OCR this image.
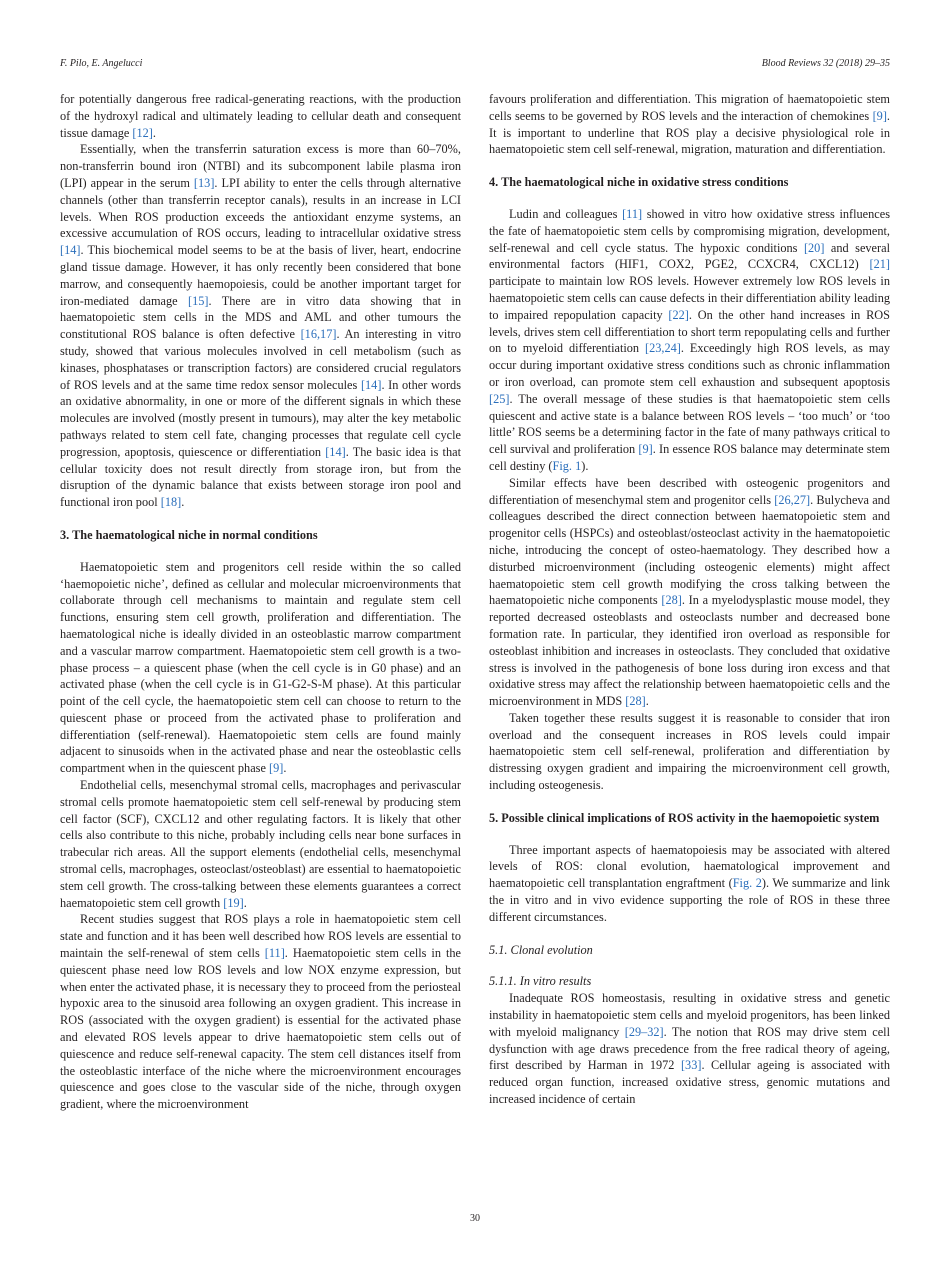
F. Pilo, E. Angelucci	Blood Reviews 32 (2018) 29–35

for potentially dangerous free radical-generating reactions, with the production of the hydroxyl radical and ultimately leading to cellular death and consequent tissue damage [12].

Essentially, when the transferrin saturation excess is more than 60–70%, non-transferrin bound iron (NTBI) and its subcomponent labile plasma iron (LPI) appear in the serum [13]. LPI ability to enter the cells through alternative channels (other than transferrin receptor canals), results in an increase in LCI levels. When ROS production exceeds the antioxidant enzyme systems, an excessive accumulation of ROS occurs, leading to intracellular oxidative stress [14]. This biochemical model seems to be at the basis of liver, heart, endocrine gland tissue damage. However, it has only recently been considered that bone marrow, and consequently haemopoiesis, could be another important target for iron-mediated damage [15]. There are in vitro data showing that in haematopoietic stem cells in the MDS and AML and other tumours the constitutional ROS balance is often defective [16,17]. An interesting in vitro study, showed that various molecules involved in cell metabolism (such as kinases, phosphatases or transcription factors) are considered crucial regulators of ROS levels and at the same time redox sensor molecules [14]. In other words an oxidative abnormality, in one or more of the different signals in which these molecules are involved (mostly present in tumours), may alter the key metabolic pathways related to stem cell fate, changing processes that regulate cell cycle progression, apoptosis, quiescence or differentiation [14]. The basic idea is that cellular toxicity does not result directly from storage iron, but from the disruption of the dynamic balance that exists between storage iron pool and functional iron pool [18].

3. The haematological niche in normal conditions

Haematopoietic stem and progenitors cell reside within the so called ‘haemopoietic niche’, defined as cellular and molecular microenvironments that collaborate through cell mechanisms to maintain and regulate stem cell functions, ensuring stem cell growth, proliferation and differentiation. The haematological niche is ideally divided in an osteoblastic marrow compartment and a vascular marrow compartment. Haematopoietic stem cell growth is a two-phase process – a quiescent phase (when the cell cycle is in G0 phase) and an activated phase (when the cell cycle is in G1-G2-S-M phase). At this particular point of the cell cycle, the haematopoietic stem cell can choose to return to the quiescent phase or proceed from the activated phase to proliferation and differentiation (self-renewal). Haematopoietic stem cells are found mainly adjacent to sinusoids when in the activated phase and near the osteoblastic cells compartment when in the quiescent phase [9].

Endothelial cells, mesenchymal stromal cells, macrophages and perivascular stromal cells promote haematopoietic stem cell self-renewal by producing stem cell factor (SCF), CXCL12 and other regulating factors. It is likely that other cells also contribute to this niche, probably including cells near bone surfaces in trabecular rich areas. All the support elements (endothelial cells, mesenchymal stromal cells, macrophages, osteoclast/osteoblast) are essential to haematopoietic stem cell growth. The cross-talking between these elements guarantees a correct haematopoietic stem cell growth [19].

Recent studies suggest that ROS plays a role in haematopoietic stem cell state and function and it has been well described how ROS levels are essential to maintain the self-renewal of stem cells [11]. Haematopoietic stem cells in the quiescent phase need low ROS levels and low NOX enzyme expression, but when enter the activated phase, it is necessary they to proceed from the periosteal hypoxic area to the sinusoid area following an oxygen gradient. This increase in ROS (associated with the oxygen gradient) is essential for the activated phase and elevated ROS levels appear to drive haematopoietic stem cells out of quiescence and reduce self-renewal capacity. The stem cell distances itself from the osteoblastic interface of the niche where the microenvironment encourages quiescence and goes close to the vascular side of the niche, through oxygen gradient, where the microenvironment

favours proliferation and differentiation. This migration of haematopoietic stem cells seems to be governed by ROS levels and the interaction of chemokines [9]. It is important to underline that ROS play a decisive physiological role in haematopoietic stem cell self-renewal, migration, maturation and differentiation.

4. The haematological niche in oxidative stress conditions

Ludin and colleagues [11] showed in vitro how oxidative stress influences the fate of haematopoietic stem cells by compromising migration, development, self-renewal and cell cycle status. The hypoxic conditions [20] and several environmental factors (HIF1, COX2, PGE2, CCXCR4, CXCL12) [21] participate to maintain low ROS levels. However extremely low ROS levels in haematopoietic stem cells can cause defects in their differentiation ability leading to impaired repopulation capacity [22]. On the other hand increases in ROS levels, drives stem cell differentiation to short term repopulating cells and further on to myeloid differentiation [23,24]. Exceedingly high ROS levels, as may occur during important oxidative stress conditions such as chronic inflammation or iron overload, can promote stem cell exhaustion and subsequent apoptosis [25]. The overall message of these studies is that haematopoietic stem cells quiescent and active state is a balance between ROS levels – ‘too much’ or ‘too little’ ROS seems be a determining factor in the fate of many pathways critical to cell survival and proliferation [9]. In essence ROS balance may determinate stem cell destiny (Fig. 1).

Similar effects have been described with osteogenic progenitors and differentiation of mesenchymal stem and progenitor cells [26,27]. Bulycheva and colleagues described the direct connection between haematopoietic stem and progenitor cells (HSPCs) and osteoblast/osteoclast activity in the haematopoietic niche, introducing the concept of osteo-haematology. They described how a disturbed microenvironment (including osteogenic elements) might affect haematopoietic stem cell growth modifying the cross talking between the haematopoietic niche components [28]. In a myelodysplastic mouse model, they reported decreased osteoblasts and osteoclasts number and decreased bone formation rate. In particular, they identified iron overload as responsible for osteoblast inhibition and increases in osteoclasts. They concluded that oxidative stress is involved in the pathogenesis of bone loss during iron excess and that oxidative stress may affect the relationship between haematopoietic cells and the microenvironment in MDS [28].

Taken together these results suggest it is reasonable to consider that iron overload and the consequent increases in ROS levels could impair haematopoietic stem cell self-renewal, proliferation and differentiation by distressing oxygen gradient and impairing the microenvironment cell growth, including osteogenesis.

5. Possible clinical implications of ROS activity in the haemopoietic system

Three important aspects of haematopoiesis may be associated with altered levels of ROS: clonal evolution, haematological improvement and haematopoietic cell transplantation engraftment (Fig. 2). We summarize and link the in vitro and in vivo evidence supporting the role of ROS in these three different circumstances.

5.1. Clonal evolution
5.1.1. In vitro results

Inadequate ROS homeostasis, resulting in oxidative stress and genetic instability in haematopoietic stem cells and myeloid progenitors, has been linked with myeloid malignancy [29–32]. The notion that ROS may drive stem cell dysfunction with age draws precedence from the free radical theory of ageing, first described by Harman in 1972 [33]. Cellular ageing is associated with reduced organ function, increased oxidative stress, genomic mutations and increased incidence of certain

30
